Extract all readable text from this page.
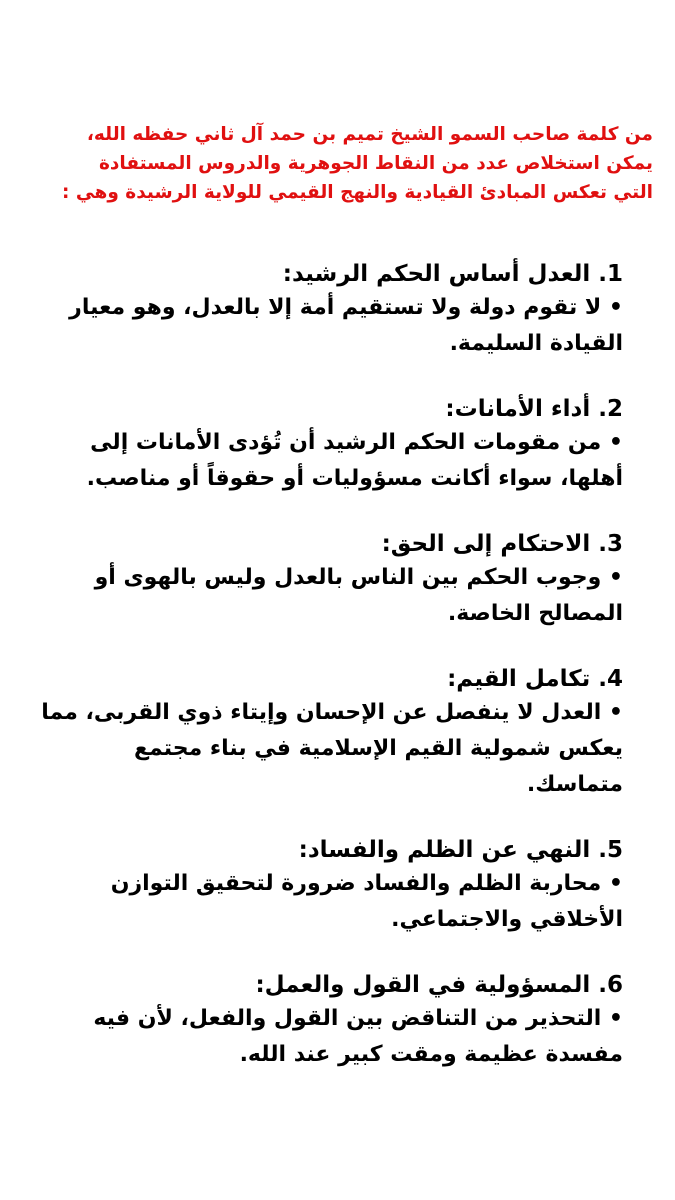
من كلمة صاحب السمو الشيخ تميم بن حمد آل ثاني حفظه الله،
يمكن استخلاص عدد من النقاط الجوهرية والدروس المستفادة
التي تعكس المبادئ القيادية والنهج القيمي للولاية الرشيدة وهي :
1. العدل أساس الحكم الرشيد:
• لا تقوم دولة ولا تستقيم أمة إلا بالعدل، وهو معيار القيادة السليمة.
2. أداء الأمانات:
• من مقومات الحكم الرشيد أن تُؤدى الأمانات إلى أهلها، سواء أكانت مسؤوليات أو حقوقاً أو مناصب.
3. الاحتكام إلى الحق:
• وجوب الحكم بين الناس بالعدل وليس بالهوى أو المصالح الخاصة.
4. تكامل القيم:
• العدل لا ينفصل عن الإحسان وإيتاء ذوي القربى، مما يعكس شمولية القيم الإسلامية في بناء مجتمع متماسك.
5. النهي عن الظلم والفساد:
• محاربة الظلم والفساد ضرورة لتحقيق التوازن الأخلاقي والاجتماعي.
6. المسؤولية في القول والعمل:
• التحذير من التناقض بين القول والفعل، لأن فيه مفسدة عظيمة ومقت كبير عند الله.
